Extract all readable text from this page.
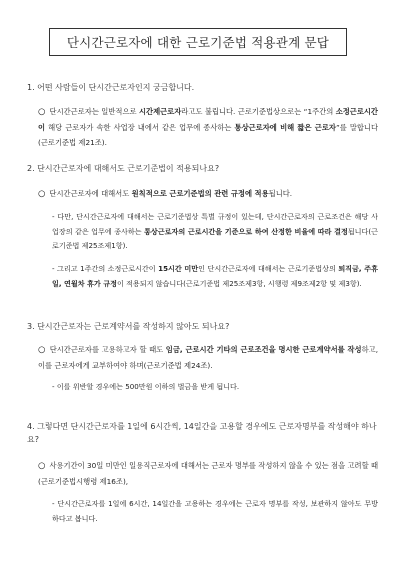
단시간근로자에 대한 근로기준법 적용관계 문답
1. 어떤 사람들이 단시간근로자인지 궁금합니다.
○ 단시간근로자는 일반적으로 시간제근로자라고도 불립니다. 근로기준법상으로는 “1주간의 소정근로시간이 해당 근로자가 속한 사업장 내에서 같은 업무에 종사하는 통상근로자에 비해 짧은 근로자”를 말합니다(근로기준법 제21조).
2. 단시간근로자에 대해서도 근로기준법이 적용되나요?
○ 단시간근로자에 대해서도 원칙적으로 근로기준법의 관련 규정에 적용됩니다.
- 다만, 단시간근로자에 대해서는 근로기준법상 특별 규정이 있는데, 단시간근로자의 근로조건은 해당 사업장의 같은 업무에 종사하는 통상근로자의 근로시간을 기준으로 하여 산정한 비율에 따라 결정됩니다(근로기준법 제25조제1항).
- 그리고 1주간의 소정근로시간이 15시간 미만인 단시간근로자에 대해서는 근로기준법상의 퇴직금, 주휴일, 연월차 휴가 규정이 적용되지 않습니다(근로기준법 제25조제3항, 시행령 제9조제2항 및 제3항).
3. 단시간근로자는 근로계약서를 작성하지 않아도 되나요?
○ 단시간근로자를 고용하고자 할 때도 임금, 근로시간 기타의 근로조건을 명시한 근로계약서를 작성하고, 이를 근로자에게 교부하여야 하며(근로기준법 제24조).
- 이를 위반할 경우에는 500만원 이하의 벌금을 받게 됩니다.
4. 그렇다면 단시간근로자를 1일에 6시간씩, 14일간을 고용할 경우에도 근로자명부를 작성해야 하나요?
○ 사용기간이 30일 미만인 일용직근로자에 대해서는 근로자 명부를 작성하지 않을 수 있는 점을 고려할 때(근로기준법시행령 제16조),
- 단시간근로자를 1일에 6시간, 14일간을 고용하는 경우에는 근로자 명부를 작성, 보관하지 않아도 무방하다고 봅니다.
